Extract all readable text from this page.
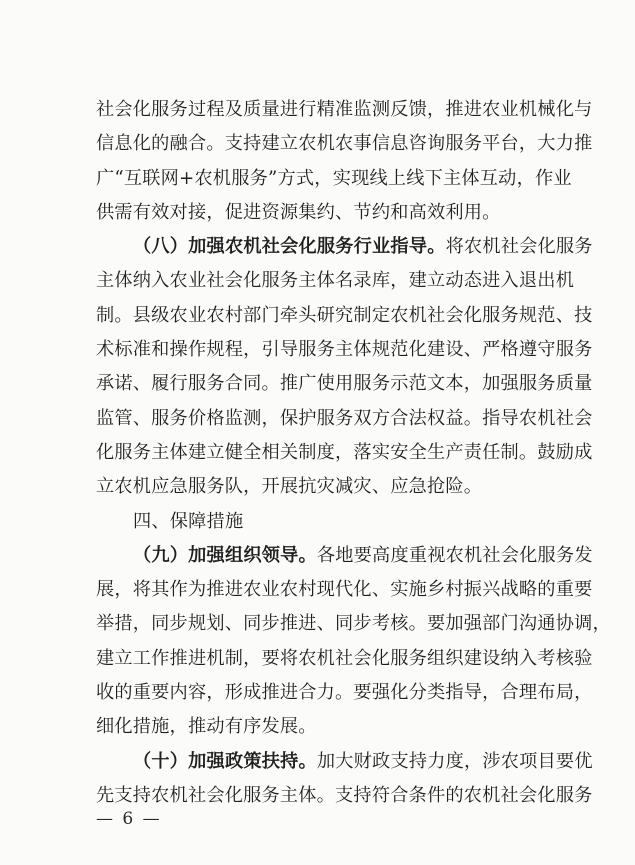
社会化服务过程及质量进行精准监测反馈，推进农业机械化与
信息化的融合。支持建立农机农事信息咨询服务平台，大力推
广“互联网+农机服务”方式，实现线上线下主体互动，作业
供需有效对接，促进资源集约、节约和高效利用。
（八）加强农机社会化服务行业指导。将农机社会化服务
主体纳入农业社会化服务主体名录库，建立动态进入退出机
制。县级农业农村部门牵头研究制定农机社会化服务规范、技
术标准和操作规程，引导服务主体规范化建设、严格遵守服务
承诺、履行服务合同。推广使用服务示范文本，加强服务质量
监管、服务价格监测，保护服务双方合法权益。指导农机社会
化服务主体建立健全相关制度，落实安全生产责任制。鼓励成
立农机应急服务队，开展抗灾减灾、应急抢险。
四、保障措施
（九）加强组织领导。各地要高度重视农机社会化服务发
展，将其作为推进农业农村现代化、实施乡村振兴战略的重要
举措，同步规划、同步推进、同步考核。要加强部门沟通协调，
建立工作推进机制，要将农机社会化服务组织建设纳入考核验
收的重要内容，形成推进合力。要强化分类指导，合理布局，
细化措施，推动有序发展。
（十）加强政策扶持。加大财政支持力度，涉农项目要优
先支持农机社会化服务主体。支持符合条件的农机社会化服务
— 6 —
